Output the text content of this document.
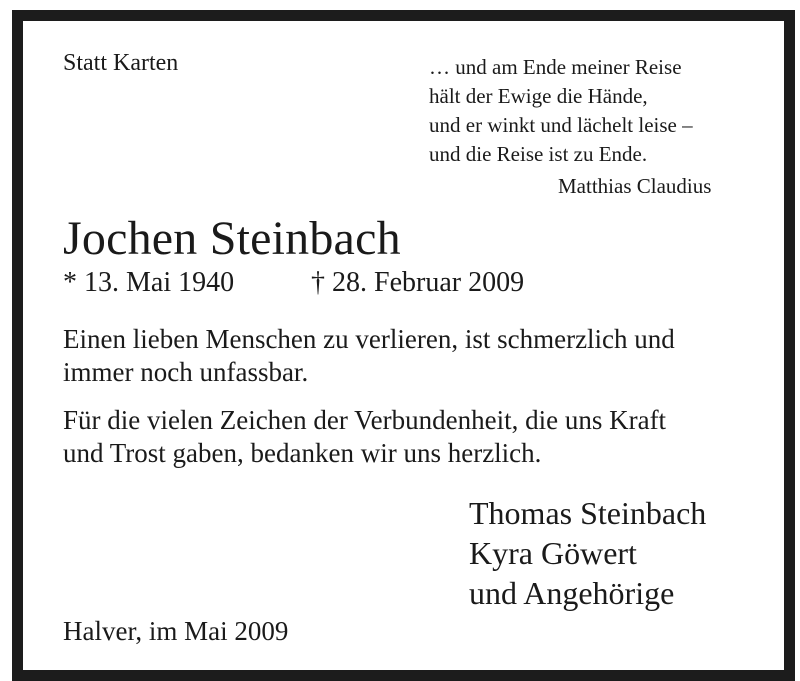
Statt Karten	… und am Ende meiner Reise
hält der Ewige die Hände,
und er winkt und lächelt leise –
und die Reise ist zu Ende.
Matthias Claudius
Jochen Steinbach
* 13. Mai 1940	† 28. Februar 2009
Einen lieben Menschen zu verlieren, ist schmerzlich und
immer noch unfassbar.
Für die vielen Zeichen der Verbundenheit, die uns Kraft
und Trost gaben, bedanken wir uns herzlich.
Thomas Steinbach
Kyra Göwert
und Angehörige
Halver, im Mai 2009
